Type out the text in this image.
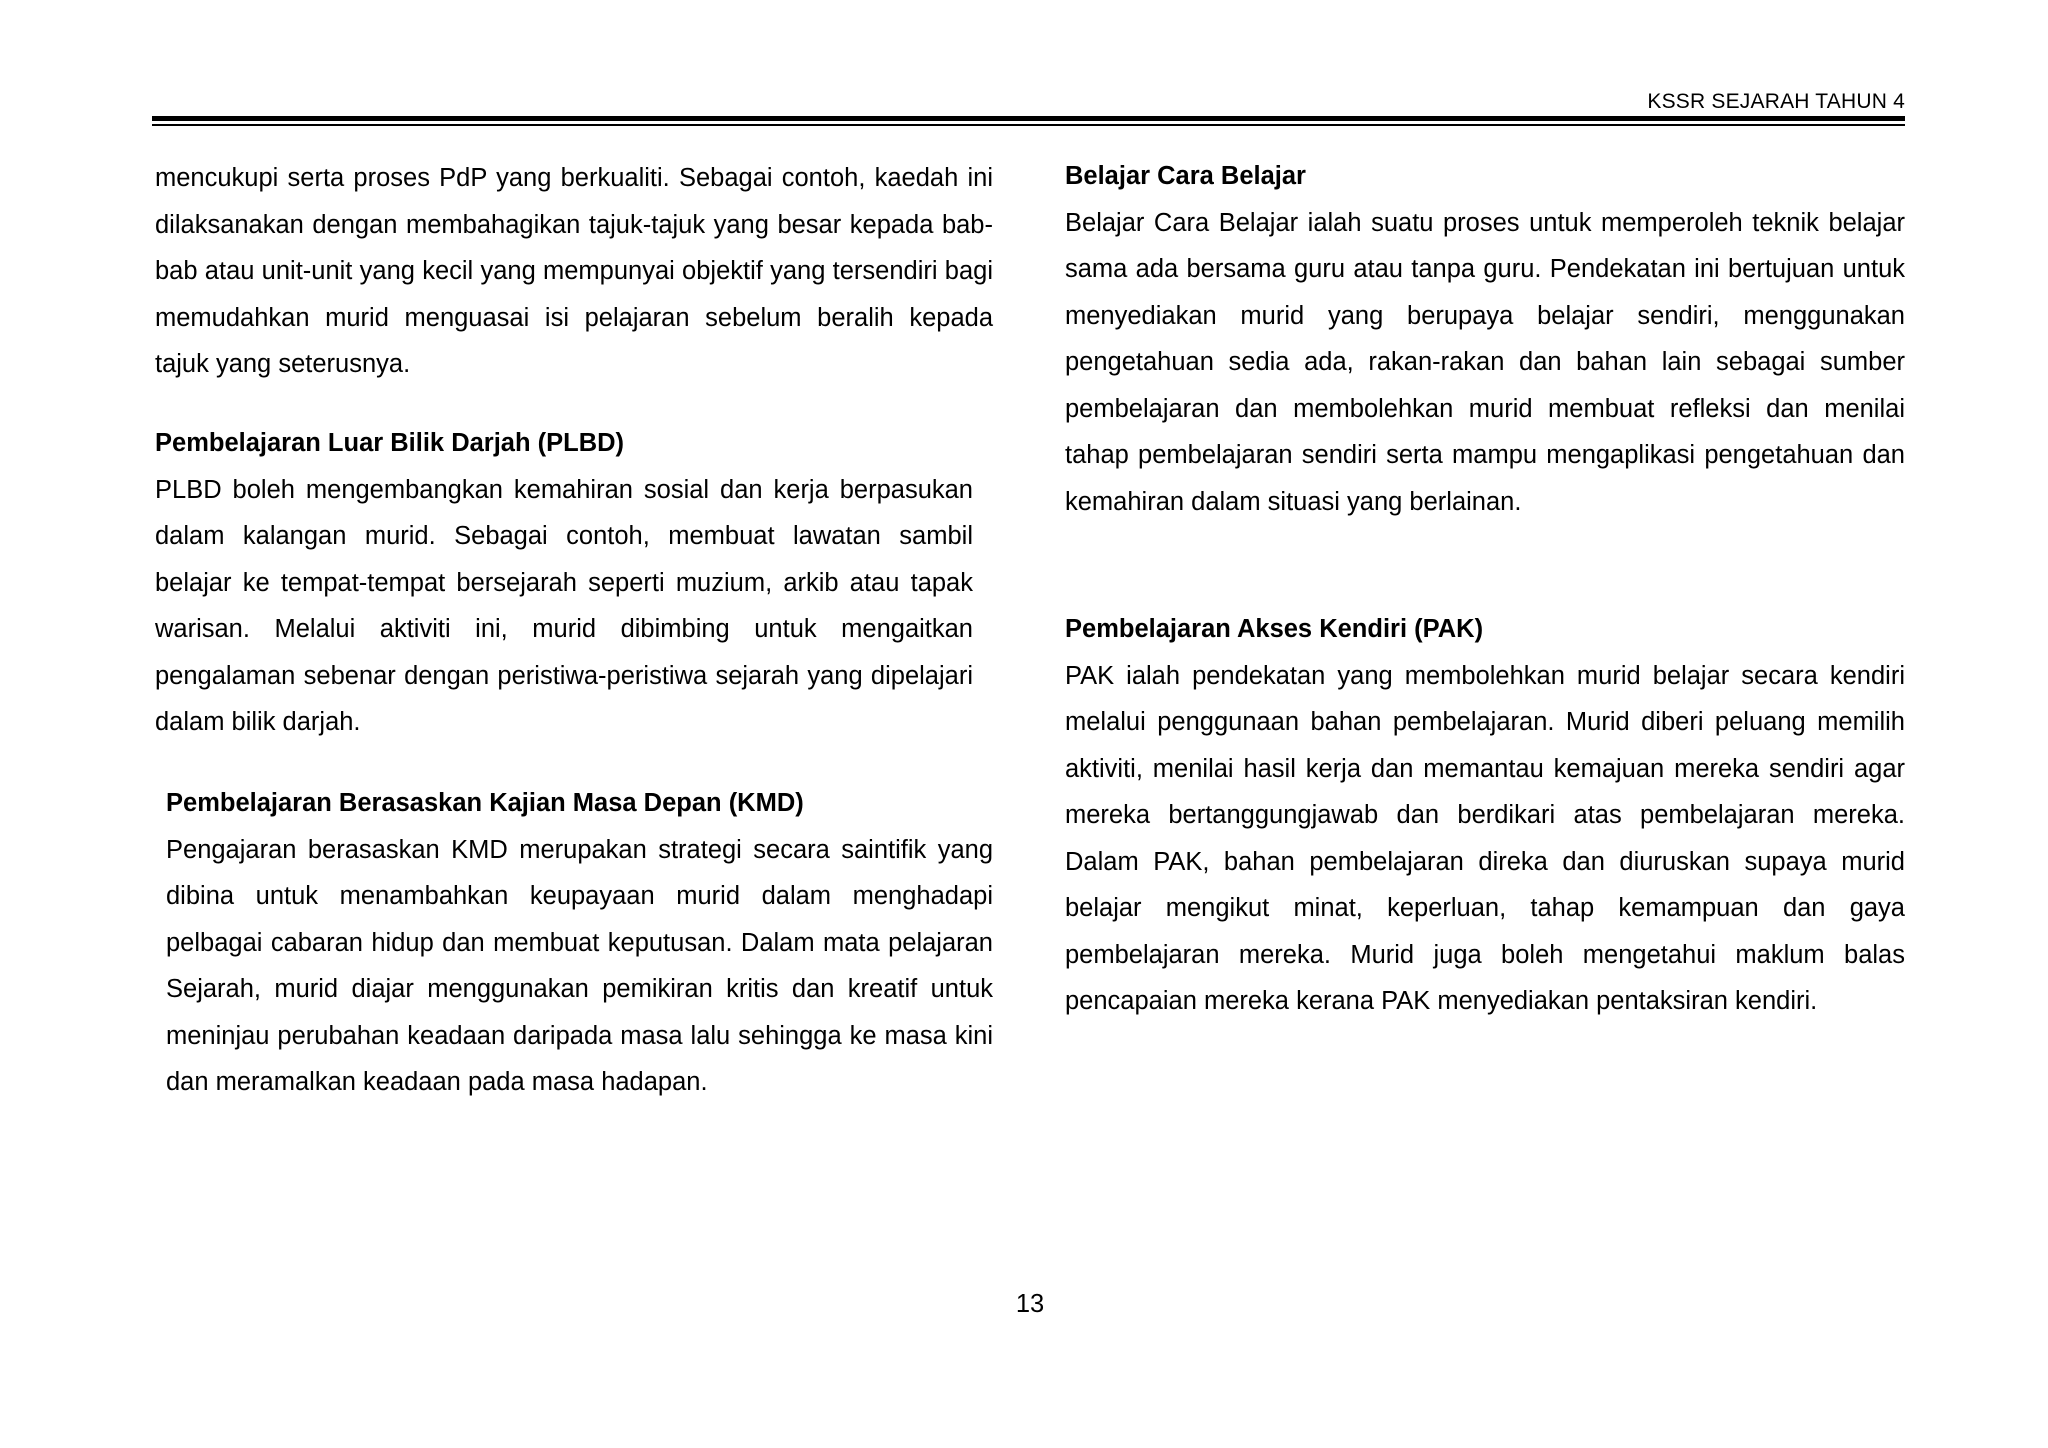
KSSR SEJARAH TAHUN 4

mencukupi serta proses PdP yang berkualiti. Sebagai contoh, kaedah ini dilaksanakan dengan membahagikan tajuk-tajuk yang besar kepada bab-bab atau unit-unit yang kecil yang mempunyai objektif yang tersendiri bagi memudahkan murid menguasai isi pelajaran sebelum beralih kepada tajuk yang seterusnya.

Pembelajaran Luar Bilik Darjah (PLBD)

PLBD boleh mengembangkan kemahiran sosial dan kerja berpasukan dalam kalangan murid. Sebagai contoh, membuat lawatan sambil belajar ke tempat-tempat bersejarah seperti muzium, arkib atau tapak warisan. Melalui aktiviti ini, murid dibimbing untuk mengaitkan pengalaman sebenar dengan peristiwa-peristiwa sejarah yang dipelajari dalam bilik darjah.

Pembelajaran Berasaskan Kajian Masa Depan (KMD)

Pengajaran berasaskan KMD merupakan strategi secara saintifik yang dibina untuk menambahkan keupayaan murid dalam menghadapi pelbagai cabaran hidup dan membuat keputusan. Dalam mata pelajaran Sejarah, murid diajar menggunakan pemikiran kritis dan kreatif untuk meninjau perubahan keadaan daripada masa lalu sehingga ke masa kini dan meramalkan keadaan pada masa hadapan.

Belajar Cara Belajar

Belajar Cara Belajar ialah suatu proses untuk memperoleh teknik belajar sama ada bersama guru atau tanpa guru. Pendekatan ini bertujuan untuk menyediakan murid yang berupaya belajar sendiri, menggunakan pengetahuan sedia ada, rakan-rakan dan bahan lain sebagai sumber pembelajaran dan membolehkan murid membuat refleksi dan menilai tahap pembelajaran sendiri serta mampu mengaplikasi pengetahuan dan kemahiran dalam situasi yang berlainan.

Pembelajaran Akses Kendiri (PAK)

PAK ialah pendekatan yang membolehkan murid belajar secara kendiri melalui penggunaan bahan pembelajaran. Murid diberi peluang memilih aktiviti, menilai hasil kerja dan memantau kemajuan mereka sendiri agar mereka bertanggungjawab dan berdikari atas pembelajaran mereka. Dalam PAK, bahan pembelajaran direka dan diuruskan supaya murid belajar mengikut minat, keperluan, tahap kemampuan dan gaya pembelajaran mereka. Murid juga boleh mengetahui maklum balas pencapaian mereka kerana PAK menyediakan pentaksiran kendiri.

13
